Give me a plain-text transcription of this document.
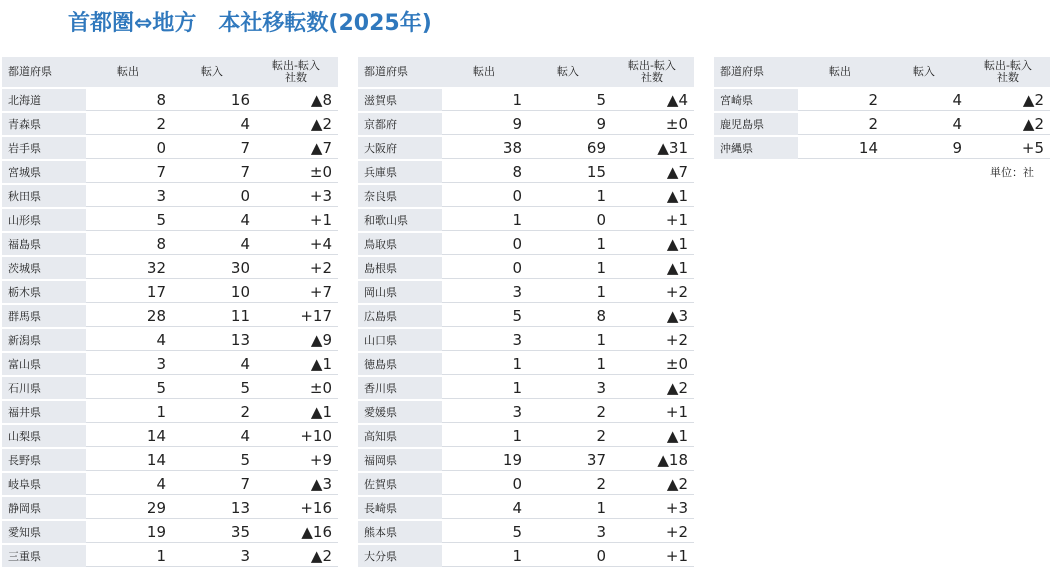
首都圏⇔地方　本社移転数(2025年)
都道府県	転出	転入	転出-転入
社数
北海道	8	16	▲8
青森県	2	4	▲2
岩手県	0	7	▲7
宮城県	7	7	±0
秋田県	3	0	+3
山形県	5	4	+1
福島県	8	4	+4
茨城県	32	30	+2
栃木県	17	10	+7
群馬県	28	11	+17
新潟県	4	13	▲9
富山県	3	4	▲1
石川県	5	5	±0
福井県	1	2	▲1
山梨県	14	4	+10
長野県	14	5	+9
岐阜県	4	7	▲3
静岡県	29	13	+16
愛知県	19	35	▲16
三重県	1	3	▲2
都道府県	転出	転入	転出-転入
社数
滋賀県	1	5	▲4
京都府	9	9	±0
大阪府	38	69	▲31
兵庫県	8	15	▲7
奈良県	0	1	▲1
和歌山県	1	0	+1
鳥取県	0	1	▲1
島根県	0	1	▲1
岡山県	3	1	+2
広島県	5	8	▲3
山口県	3	1	+2
徳島県	1	1	±0
香川県	1	3	▲2
愛媛県	3	2	+1
高知県	1	2	▲1
福岡県	19	37	▲18
佐賀県	0	2	▲2
長崎県	4	1	+3
熊本県	5	3	+2
大分県	1	0	+1
都道府県	転出	転入	転出-転入
社数
宮崎県	2	4	▲2
鹿児島県	2	4	▲2
沖縄県	14	9	+5
単位：社
